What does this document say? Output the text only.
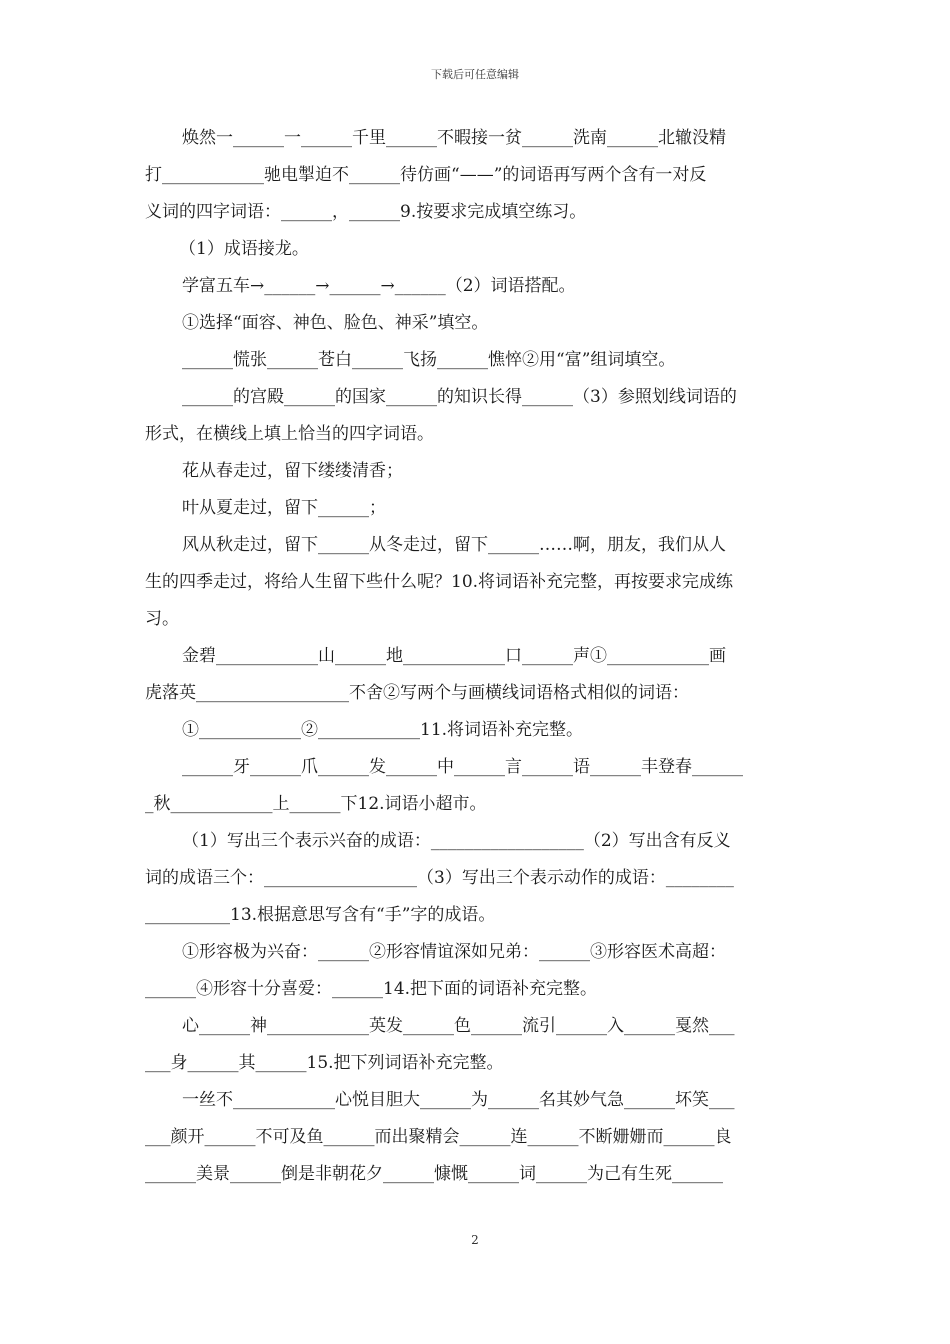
下载后可任意编辑
焕然一______一______千里______不暇接一贫______洗南______北辙没精
打____________驰电掣迫不______待仿画“——”的词语再写两个含有一对反
义词的四字词语：______，______9.按要求完成填空练习。
（1）成语接龙。
学富五车→______→______→______（2）词语搭配。
①选择“面容、神色、脸色、神采”填空。
______慌张______苍白______飞扬______憔悴②用“富”组词填空。
______的宫殿______的国家______的知识长得______（3）参照划线词语的
形式，在横线上填上恰当的四字词语。
花从春走过，留下缕缕清香；
叶从夏走过，留下______；
风从秋走过，留下______从冬走过，留下______……啊，朋友，我们从人
生的四季走过，将给人生留下些什么呢？10.将词语补充完整，再按要求完成练
习。
金碧____________山______地____________口______声①____________画
虎落英__________________不舍②写两个与画横线词语格式相似的词语：
①____________②____________11.将词语补充完整。
______牙______爪______发______中______言______语______丰登春______
_秋____________上______下12.词语小超市。
（1）写出三个表示兴奋的成语：__________________（2）写出含有反义
词的成语三个：__________________（3）写出三个表示动作的成语：________
__________13.根据意思写含有“手”字的成语。
①形容极为兴奋：______②形容情谊深如兄弟：______③形容医术高超：
______④形容十分喜爱：______14.把下面的词语补充完整。
心______神____________英发______色______流引______入______戛然___
___身______其______15.把下列词语补充完整。
一丝不____________心悦目胆大______为______名其妙气急______坏笑___
___颜开______不可及鱼______而出聚精会______连______不断姗姗而______良
______美景______倒是非朝花夕______慷慨______词______为己有生死______
2
